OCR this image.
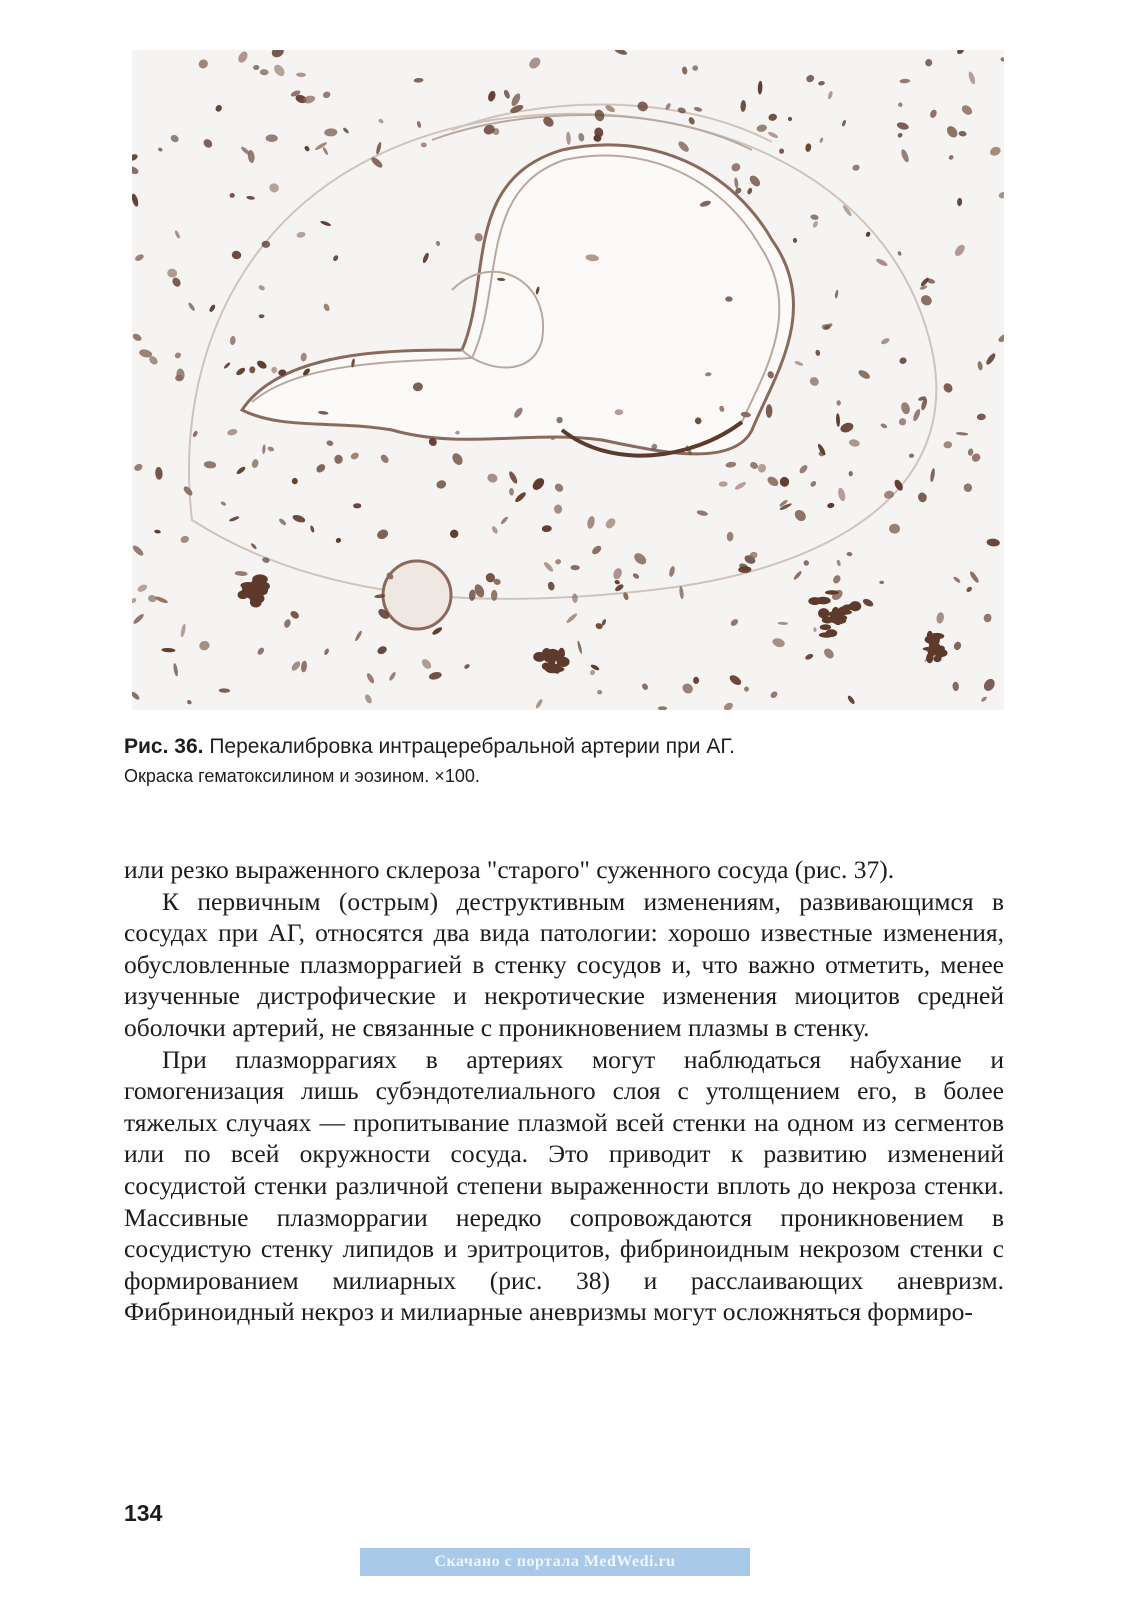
Рис. 36. Перекалибровка интрацеребральной артерии при АГ.
Окраска гематоксилином и эозином. ×100.

или резко выраженного склероза "старого" суженного сосуда (рис. 37).

К первичным (острым) деструктивным изменениям, развивающимся в сосудах при АГ, относятся два вида патологии: хорошо известные изменения, обусловленные плазморрагией в стенку сосудов и, что важно отметить, менее изученные дистрофические и некротические изменения миоцитов средней оболочки артерий, не связанные с проникновением плазмы в стенку.

При плазморрагиях в артериях могут наблюдаться набухание и гомогенизация лишь субэндотелиального слоя с утолщением его, в более тяжелых случаях — пропитывание плазмой всей стенки на одном из сегментов или по всей окружности сосуда. Это приводит к развитию изменений сосудистой стенки различной степени выраженности вплоть до некроза стенки. Массивные плазморрагии нередко сопровождаются проникновением в сосудистую стенку липидов и эритроцитов, фибриноидным некрозом стенки с формированием милиарных (рис. 38) и расслаивающих аневризм. Фибриноидный некроз и милиарные аневризмы могут осложняться формиро-

134
Скачано с портала MedWedi.ru
